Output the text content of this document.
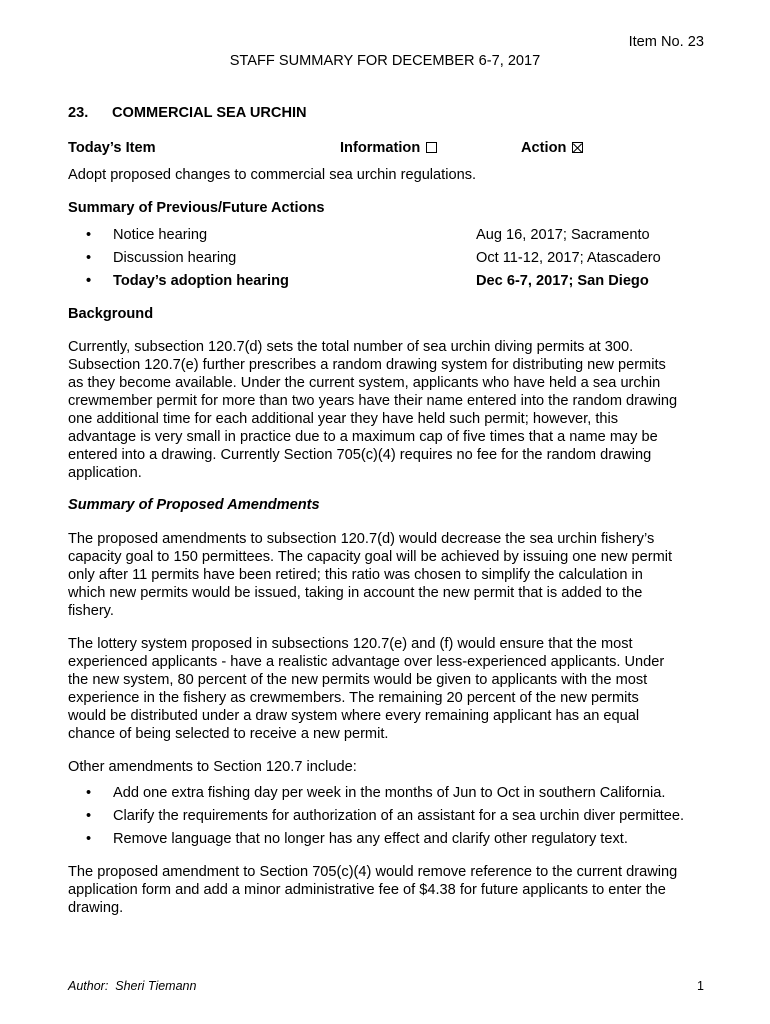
Item No. 23
STAFF SUMMARY FOR DECEMBER 6-7, 2017
23. COMMERCIAL SEA URCHIN
Today’s Item	Information	Action
Adopt proposed changes to commercial sea urchin regulations.
Summary of Previous/Future Actions
• Notice hearing	Aug 16, 2017; Sacramento
• Discussion hearing	Oct 11-12, 2017; Atascadero
• Today’s adoption hearing	Dec 6-7, 2017; San Diego
Background
Currently, subsection 120.7(d) sets the total number of sea urchin diving permits at 300.
Subsection 120.7(e) further prescribes a random drawing system for distributing new permits
as they become available. Under the current system, applicants who have held a sea urchin
crewmember permit for more than two years have their name entered into the random drawing
one additional time for each additional year they have held such permit; however, this
advantage is very small in practice due to a maximum cap of five times that a name may be
entered into a drawing. Currently Section 705(c)(4) requires no fee for the random drawing
application.
Summary of Proposed Amendments
The proposed amendments to subsection 120.7(d) would decrease the sea urchin fishery’s
capacity goal to 150 permittees. The capacity goal will be achieved by issuing one new permit
only after 11 permits have been retired; this ratio was chosen to simplify the calculation in
which new permits would be issued, taking in account the new permit that is added to the
fishery.
The lottery system proposed in subsections 120.7(e) and (f) would ensure that the most
experienced applicants - have a realistic advantage over less-experienced applicants. Under
the new system, 80 percent of the new permits would be given to applicants with the most
experience in the fishery as crewmembers. The remaining 20 percent of the new permits
would be distributed under a draw system where every remaining applicant has an equal
chance of being selected to receive a new permit.
Other amendments to Section 120.7 include:
• Add one extra fishing day per week in the months of Jun to Oct in southern California.
• Clarify the requirements for authorization of an assistant for a sea urchin diver permittee.
• Remove language that no longer has any effect and clarify other regulatory text.
The proposed amendment to Section 705(c)(4) would remove reference to the current drawing
application form and add a minor administrative fee of $4.38 for future applicants to enter the
drawing.
Author: Sheri Tiemann	1
